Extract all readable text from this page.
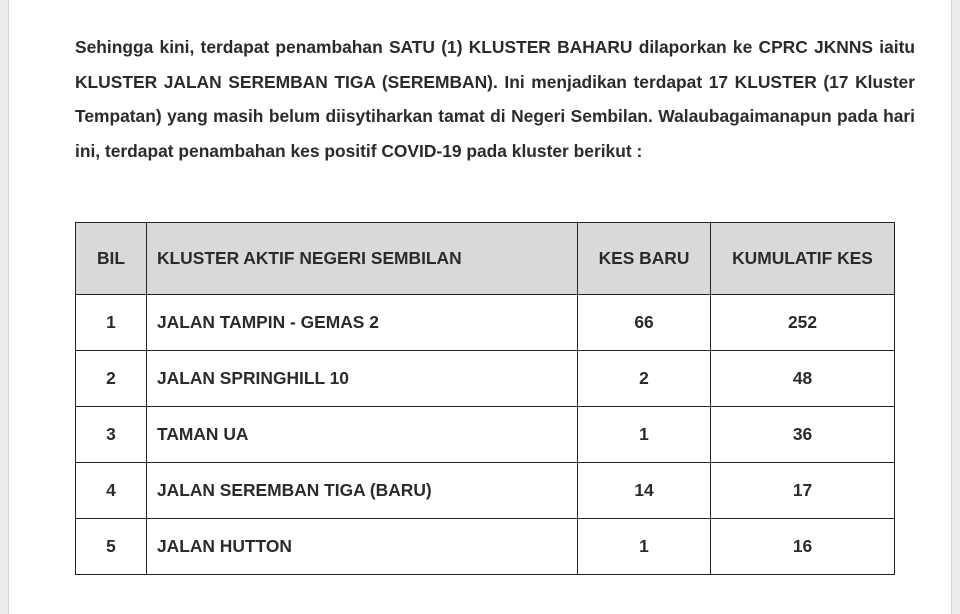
Sehingga kini, terdapat penambahan SATU (1) KLUSTER BAHARU dilaporkan ke CPRC JKNNS iaitu KLUSTER JALAN SEREMBAN TIGA (SEREMBAN). Ini menjadikan terdapat 17 KLUSTER (17 Kluster Tempatan) yang masih belum diisytiharkan tamat di Negeri Sembilan. Walaubagaimanapun pada hari ini, terdapat penambahan kes positif COVID-19 pada kluster berikut :

BIL	KLUSTER AKTIF NEGERI SEMBILAN	KES BARU	KUMULATIF KES
1	JALAN TAMPIN - GEMAS 2	66	252
2	JALAN SPRINGHILL 10	2	48
3	TAMAN UA	1	36
4	JALAN SEREMBAN TIGA (BARU)	14	17
5	JALAN HUTTON	1	16
